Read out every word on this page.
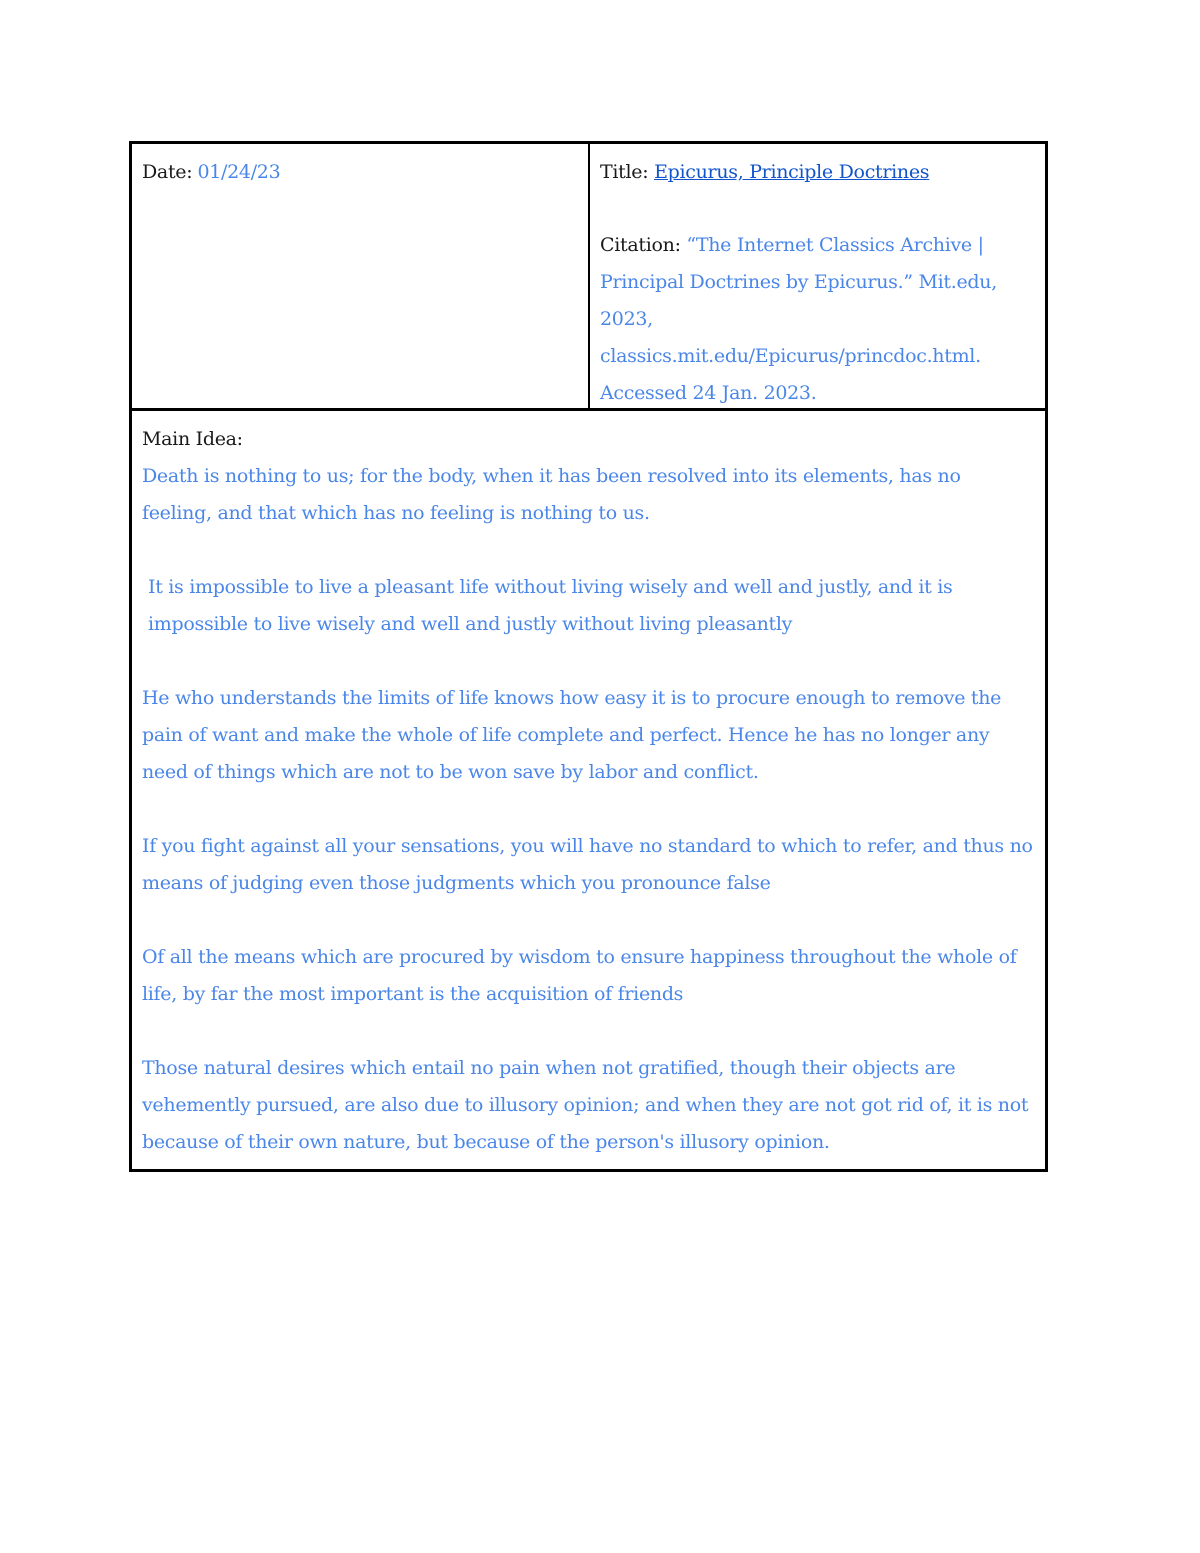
Date: 01/24/23	Title: Epicurus, Principle Doctrines
Citation: “The Internet Classics Archive |
Principal Doctrines by Epicurus.” Mit.edu,
2023,
classics.mit.edu/Epicurus/princdoc.html.
Accessed 24 Jan. 2023.
Main Idea:

Death is nothing to us; for the body, when it has been resolved into its elements, has no feeling, and that which has no feeling is nothing to us.

It is impossible to live a pleasant life without living wisely and well and justly, and it is impossible to live wisely and well and justly without living pleasantly

He who understands the limits of life knows how easy it is to procure enough to remove the pain of want and make the whole of life complete and perfect. Hence he has no longer any need of things which are not to be won save by labor and conflict.

If you fight against all your sensations, you will have no standard to which to refer, and thus no means of judging even those judgments which you pronounce false

Of all the means which are procured by wisdom to ensure happiness throughout the whole of life, by far the most important is the acquisition of friends

Those natural desires which entail no pain when not gratified, though their objects are vehemently pursued, are also due to illusory opinion; and when they are not got rid of, it is not because of their own nature, but because of the person's illusory opinion.
